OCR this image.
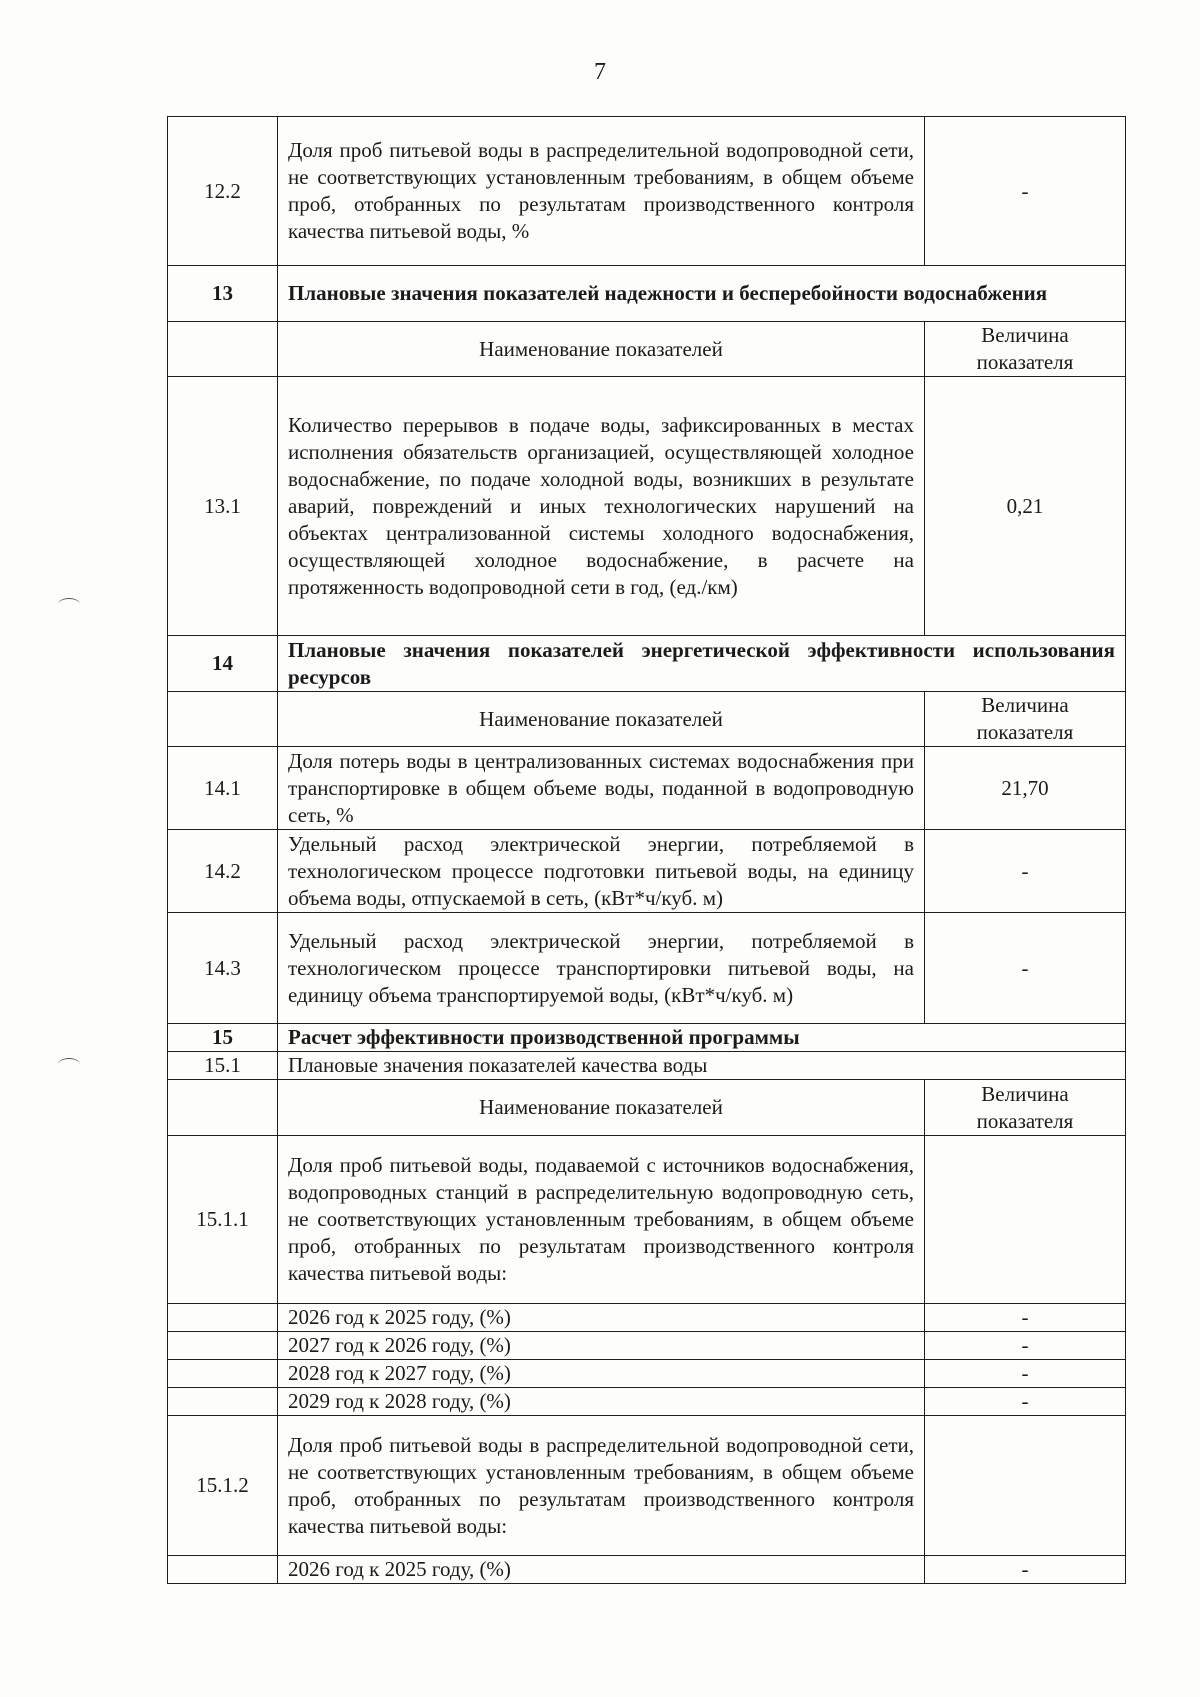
7
12.2	Доля проб питьевой воды в распределительной водопроводной сети, не соответствующих установленным требованиям, в общем объеме проб, отобранных по результатам производственного контроля качества питьевой воды, %	-
13	Плановые значения показателей надежности и бесперебойности водоснабжения	
	Наименование показателей	Величина показателя
13.1	Количество перерывов в подаче воды, зафиксированных в местах исполнения обязательств организацией, осуществляющей холодное водоснабжение, по подаче холодной воды, возникших в результате аварий, повреждений и иных технологических нарушений на объектах централизованной системы холодного водоснабжения, осуществляющей холодное водоснабжение, в расчете на протяженность водопроводной сети в год, (ед./км)	0,21
14	Плановые значения показателей энергетической эффективности использования ресурсов	
	Наименование показателей	Величина показателя
14.1	Доля потерь воды в централизованных системах водоснабжения при транспортировке в общем объеме воды, поданной в водопроводную сеть, %	21,70
14.2	Удельный расход электрической энергии, потребляемой в технологическом процессе подготовки питьевой воды, на единицу объема воды, отпускаемой в сеть, (кВт*ч/куб. м)	-
14.3	Удельный расход электрической энергии, потребляемой в технологическом процессе транспортировки питьевой воды, на единицу объема транспортируемой воды, (кВт*ч/куб. м)	-
15	Расчет эффективности производственной программы	
15.1	Плановые значения показателей качества воды	
	Наименование показателей	Величина показателя
15.1.1	Доля проб питьевой воды, подаваемой с источников водоснабжения, водопроводных станций в распределительную водопроводную сеть, не соответствующих установленным требованиям, в общем объеме проб, отобранных по результатам производственного контроля качества питьевой воды:	
	2026 год к 2025 году, (%)	-
	2027 год к 2026 году, (%)	-
	2028 год к 2027 году, (%)	-
	2029 год к 2028 году, (%)	-
15.1.2	Доля проб питьевой воды в распределительной водопроводной сети, не соответствующих установленным требованиям, в общем объеме проб, отобранных по результатам производственного контроля качества питьевой воды:	
	2026 год к 2025 году, (%)	-
